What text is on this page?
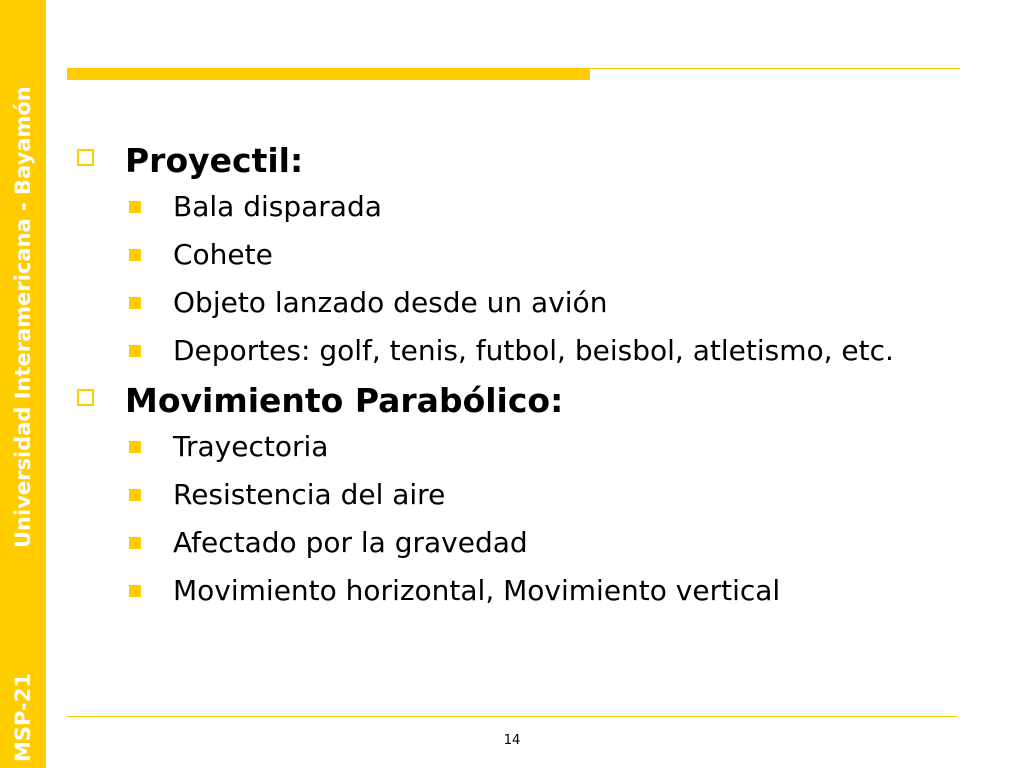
MSP-21
Universidad Interamericana - Bayamón	Proyectil:
Bala disparada
Cohete
Objeto lanzado desde un avión
Deportes: golf, tenis, futbol, beisbol, atletismo, etc.
Movimiento Parabólico:
Trayectoria
Resistencia del aire
Afectado por la gravedad
Movimiento horizontal, Movimiento vertical
14
